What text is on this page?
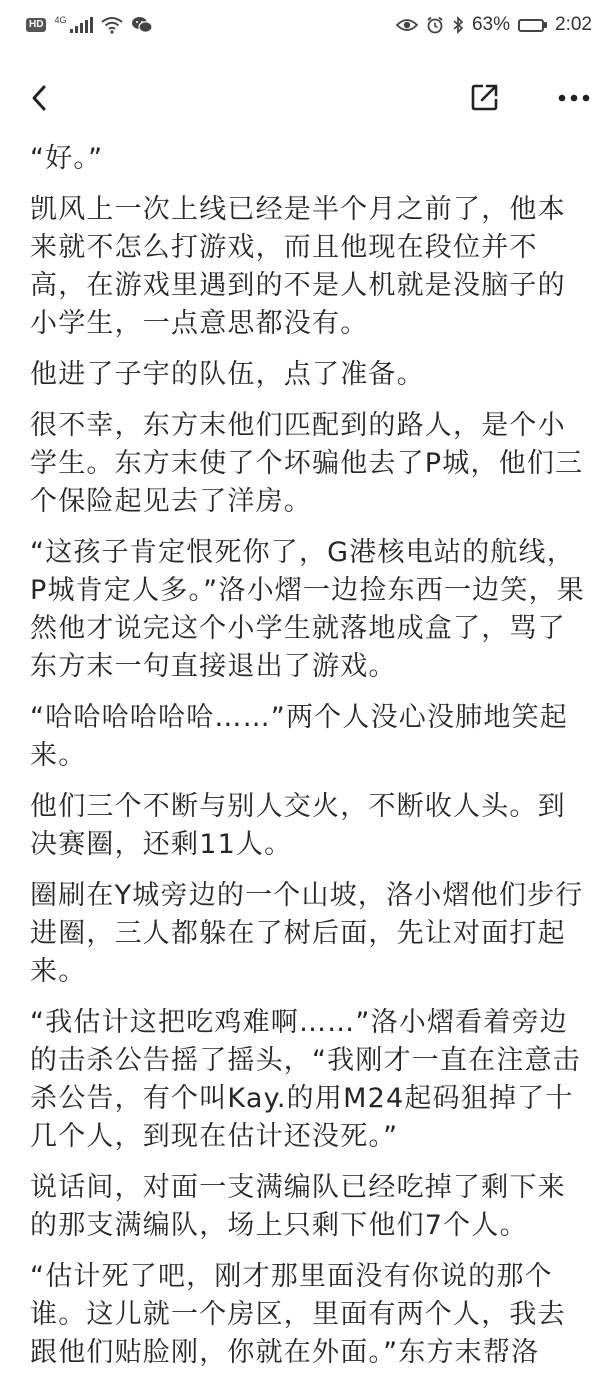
HD	4G	63% 2:02

“好。”

凯风上一次上线已经是半个月之前了，他本来就不怎么打游戏，而且他现在段位并不高，在游戏里遇到的不是人机就是没脑子的小学生，一点意思都没有。

他进了子宇的队伍，点了准备。

很不幸，东方末他们匹配到的路人，是个小学生。东方末使了个坏骗他去了P城，他们三个保险起见去了洋房。

“这孩子肯定恨死你了，G港核电站的航线，P城肯定人多。”洛小熠一边捡东西一边笑，果然他才说完这个小学生就落地成盒了，骂了东方末一句直接退出了游戏。

“哈哈哈哈哈哈……”两个人没心没肺地笑起来。

他们三个不断与别人交火，不断收人头。到决赛圈，还剩11人。

圈刷在Y城旁边的一个山坡，洛小熠他们步行进圈，三人都躲在了树后面，先让对面打起来。

“我估计这把吃鸡难啊……”洛小熠看着旁边的击杀公告摇了摇头，“我刚才一直在注意击杀公告，有个叫Kay.的用M24起码狙掉了十几个人，到现在估计还没死。”

说话间，对面一支满编队已经吃掉了剩下来的那支满编队，场上只剩下他们7个人。

“估计死了吧，刚才那里面没有你说的那个谁。这儿就一个房区，里面有两个人，我去跟他们贴脸刚，你就在外面。”东方末帮洛
